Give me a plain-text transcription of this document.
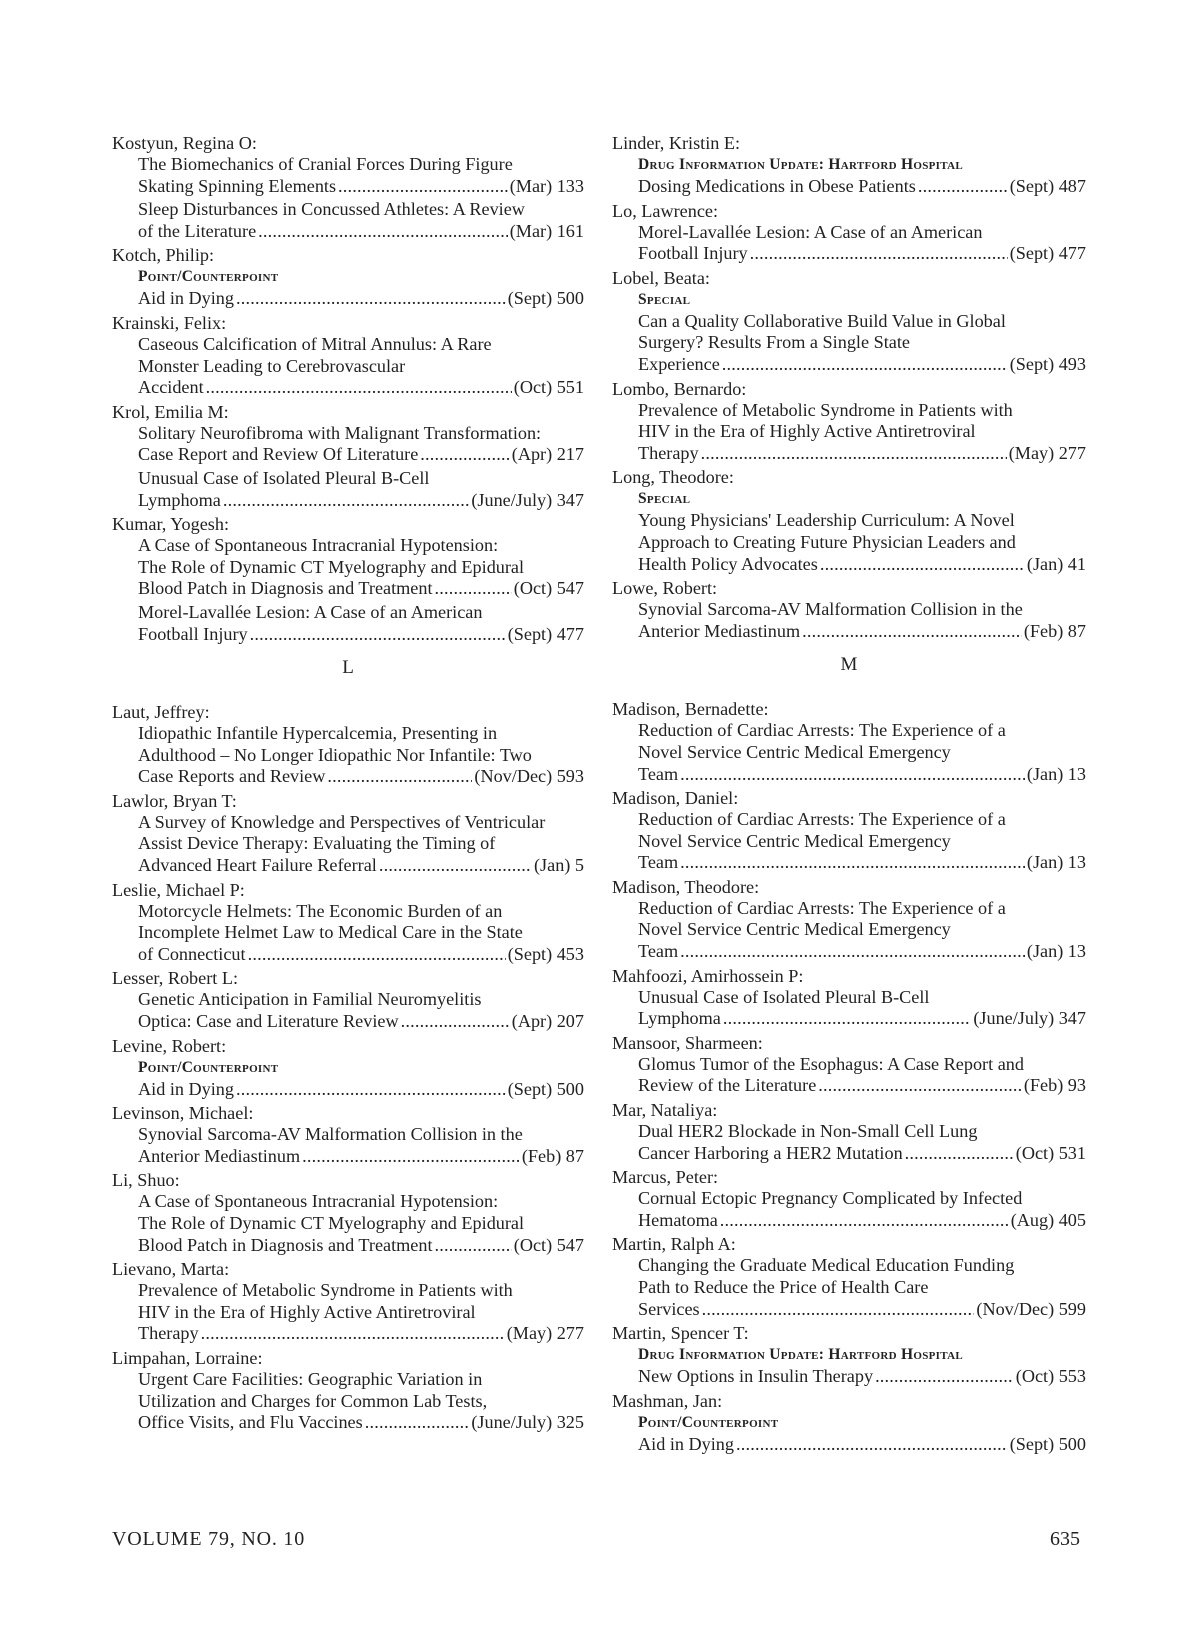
Kostyun, Regina O:
The Biomechanics of Cranial Forces During Figure
Skating Spinning Elements .....	(Mar) 133
Sleep Disturbances in Concussed Athletes: A Review
of the Literature .....	(Mar) 161
Kotch, Philip:
Point/Counterpoint
Aid in Dying .....	(Sept) 500
Krainski, Felix:
Caseous Calcification of Mitral Annulus: A Rare
Monster Leading to Cerebrovascular
Accident .....	(Oct) 551
Krol, Emilia M:
Solitary Neurofibroma with Malignant Transformation:
Case Report and Review Of Literature .....	(Apr) 217
Unusual Case of Isolated Pleural B-Cell
Lymphoma .....	(June/July) 347
Kumar, Yogesh:
A Case of Spontaneous Intracranial Hypotension:
The Role of Dynamic CT Myelography and Epidural
Blood Patch in Diagnosis and Treatment .....	(Oct) 547
Morel-Lavallée Lesion: A Case of an American
Football Injury .....	(Sept) 477
L
Laut, Jeffrey:
Idiopathic Infantile Hypercalcemia, Presenting in
Adulthood – No Longer Idiopathic Nor Infantile: Two
Case Reports and Review .....	(Nov/Dec) 593
Lawlor, Bryan T:
A Survey of Knowledge and Perspectives of Ventricular
Assist Device Therapy: Evaluating the Timing of
Advanced Heart Failure Referral .....	(Jan) 5
Leslie, Michael P:
Motorcycle Helmets: The Economic Burden of an
Incomplete Helmet Law to Medical Care in the State
of Connecticut .....	(Sept) 453
Lesser, Robert L:
Genetic Anticipation in Familial Neuromyelitis
Optica: Case and Literature Review .....	(Apr) 207
Levine, Robert:
Point/Counterpoint
Aid in Dying .....	(Sept) 500
Levinson, Michael:
Synovial Sarcoma-AV Malformation Collision in the
Anterior Mediastinum .....	(Feb) 87
Li, Shuo:
A Case of Spontaneous Intracranial Hypotension:
The Role of Dynamic CT Myelography and Epidural
Blood Patch in Diagnosis and Treatment .....	(Oct) 547
Lievano, Marta:
Prevalence of Metabolic Syndrome in Patients with
HIV in the Era of Highly Active Antiretroviral
Therapy .....	(May) 277
Limpahan, Lorraine:
Urgent Care Facilities: Geographic Variation in
Utilization and Charges for Common Lab Tests,
Office Visits, and Flu Vaccines .....	(June/July) 325
Linder, Kristin E:
Drug Information Update: Hartford Hospital
Dosing Medications in Obese Patients .....	(Sept) 487
Lo, Lawrence:
Morel-Lavallée Lesion: A Case of an American
Football Injury .....	(Sept) 477
Lobel, Beata:
Special
Can a Quality Collaborative Build Value in Global
Surgery? Results From a Single State
Experience .....	(Sept) 493
Lombo, Bernardo:
Prevalence of Metabolic Syndrome in Patients with
HIV in the Era of Highly Active Antiretroviral
Therapy .....	(May) 277
Long, Theodore:
Special
Young Physicians' Leadership Curriculum: A Novel
Approach to Creating Future Physician Leaders and
Health Policy Advocates .....	(Jan) 41
Lowe, Robert:
Synovial Sarcoma-AV Malformation Collision in the
Anterior Mediastinum .....	(Feb) 87
M
Madison, Bernadette:
Reduction of Cardiac Arrests: The Experience of a
Novel Service Centric Medical Emergency
Team .....	(Jan) 13
Madison, Daniel:
Reduction of Cardiac Arrests: The Experience of a
Novel Service Centric Medical Emergency
Team .....	(Jan) 13
Madison, Theodore:
Reduction of Cardiac Arrests: The Experience of a
Novel Service Centric Medical Emergency
Team .....	(Jan) 13
Mahfoozi, Amirhossein P:
Unusual Case of Isolated Pleural B-Cell
Lymphoma .....	(June/July) 347
Mansoor, Sharmeen:
Glomus Tumor of the Esophagus: A Case Report and
Review of the Literature .....	(Feb) 93
Mar, Nataliya:
Dual HER2 Blockade in Non-Small Cell Lung
Cancer Harboring a HER2 Mutation .....	(Oct) 531
Marcus, Peter:
Cornual Ectopic Pregnancy Complicated by Infected
Hematoma .....	(Aug) 405
Martin, Ralph A:
Changing the Graduate Medical Education Funding
Path to Reduce the Price of Health Care
Services .....	(Nov/Dec) 599
Martin, Spencer T:
Drug Information Update: Hartford Hospital
New Options in Insulin Therapy .....	(Oct) 553
Mashman, Jan:
Point/Counterpoint
Aid in Dying .....	(Sept) 500
VOLUME 79, NO. 10	635
